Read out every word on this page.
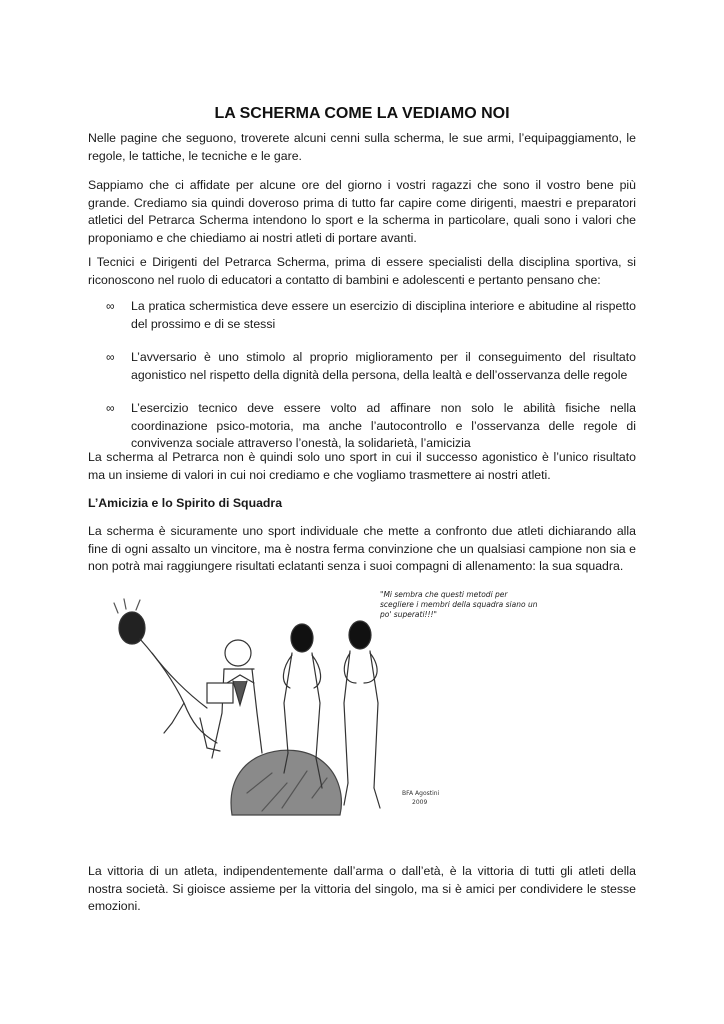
LA SCHERMA COME LA VEDIAMO NOI

Nelle pagine che seguono, troverete alcuni cenni sulla scherma, le sue armi, l’equipaggiamento, le regole, le tattiche, le tecniche e le gare.

Sappiamo che ci affidate per alcune ore del giorno i vostri ragazzi che sono il vostro bene più grande. Crediamo sia quindi doveroso prima di tutto far capire come dirigenti, maestri e preparatori atletici del Petrarca Scherma intendono lo sport e la scherma in particolare, quali sono i valori che proponiamo e che chiediamo ai nostri atleti di portare avanti.

I Tecnici e Dirigenti del Petrarca Scherma, prima di essere specialisti della disciplina sportiva, si riconoscono nel ruolo di educatori a contatto di bambini e adolescenti e pertanto pensano che:

∞ La pratica schermistica deve essere un esercizio di disciplina interiore e abitudine al rispetto del prossimo e di se stessi
∞ L’avversario è uno stimolo al proprio miglioramento per il conseguimento del risultato agonistico nel rispetto della dignità della persona, della lealtà e dell’osservanza delle regole
∞ L’esercizio tecnico deve essere volto ad affinare non solo le abilità fisiche nella coordinazione psico-motoria, ma anche l’autocontrollo e l’osservanza delle regole di convivenza sociale attraverso l’onestà, la solidarietà, l’amicizia

La scherma al Petrarca non è quindi solo uno sport in cui il successo agonistico è l’unico risultato ma un insieme di valori in cui noi crediamo e che vogliamo trasmettere ai nostri atleti.

L’Amicizia e lo Spirito di Squadra

La scherma è sicuramente uno sport individuale che mette a confronto due atleti dichiarando alla fine di ogni assalto un vincitore, ma è nostra ferma convinzione che un qualsiasi campione non sia e non potrà mai raggiungere risultati eclatanti senza i suoi compagni di allenamento: la sua squadra.

La vittoria di un atleta, indipendentemente dall’arma o dall’età, è la vittoria di tutti gli atleti della nostra società. Si gioisce assieme per la vittoria del singolo, ma si è amici per condividere le stesse emozioni.

BFA Agostini
2009
"Mi sembra che questi metodi per scegliere i membri della squadra siano un po' superati!!!"
